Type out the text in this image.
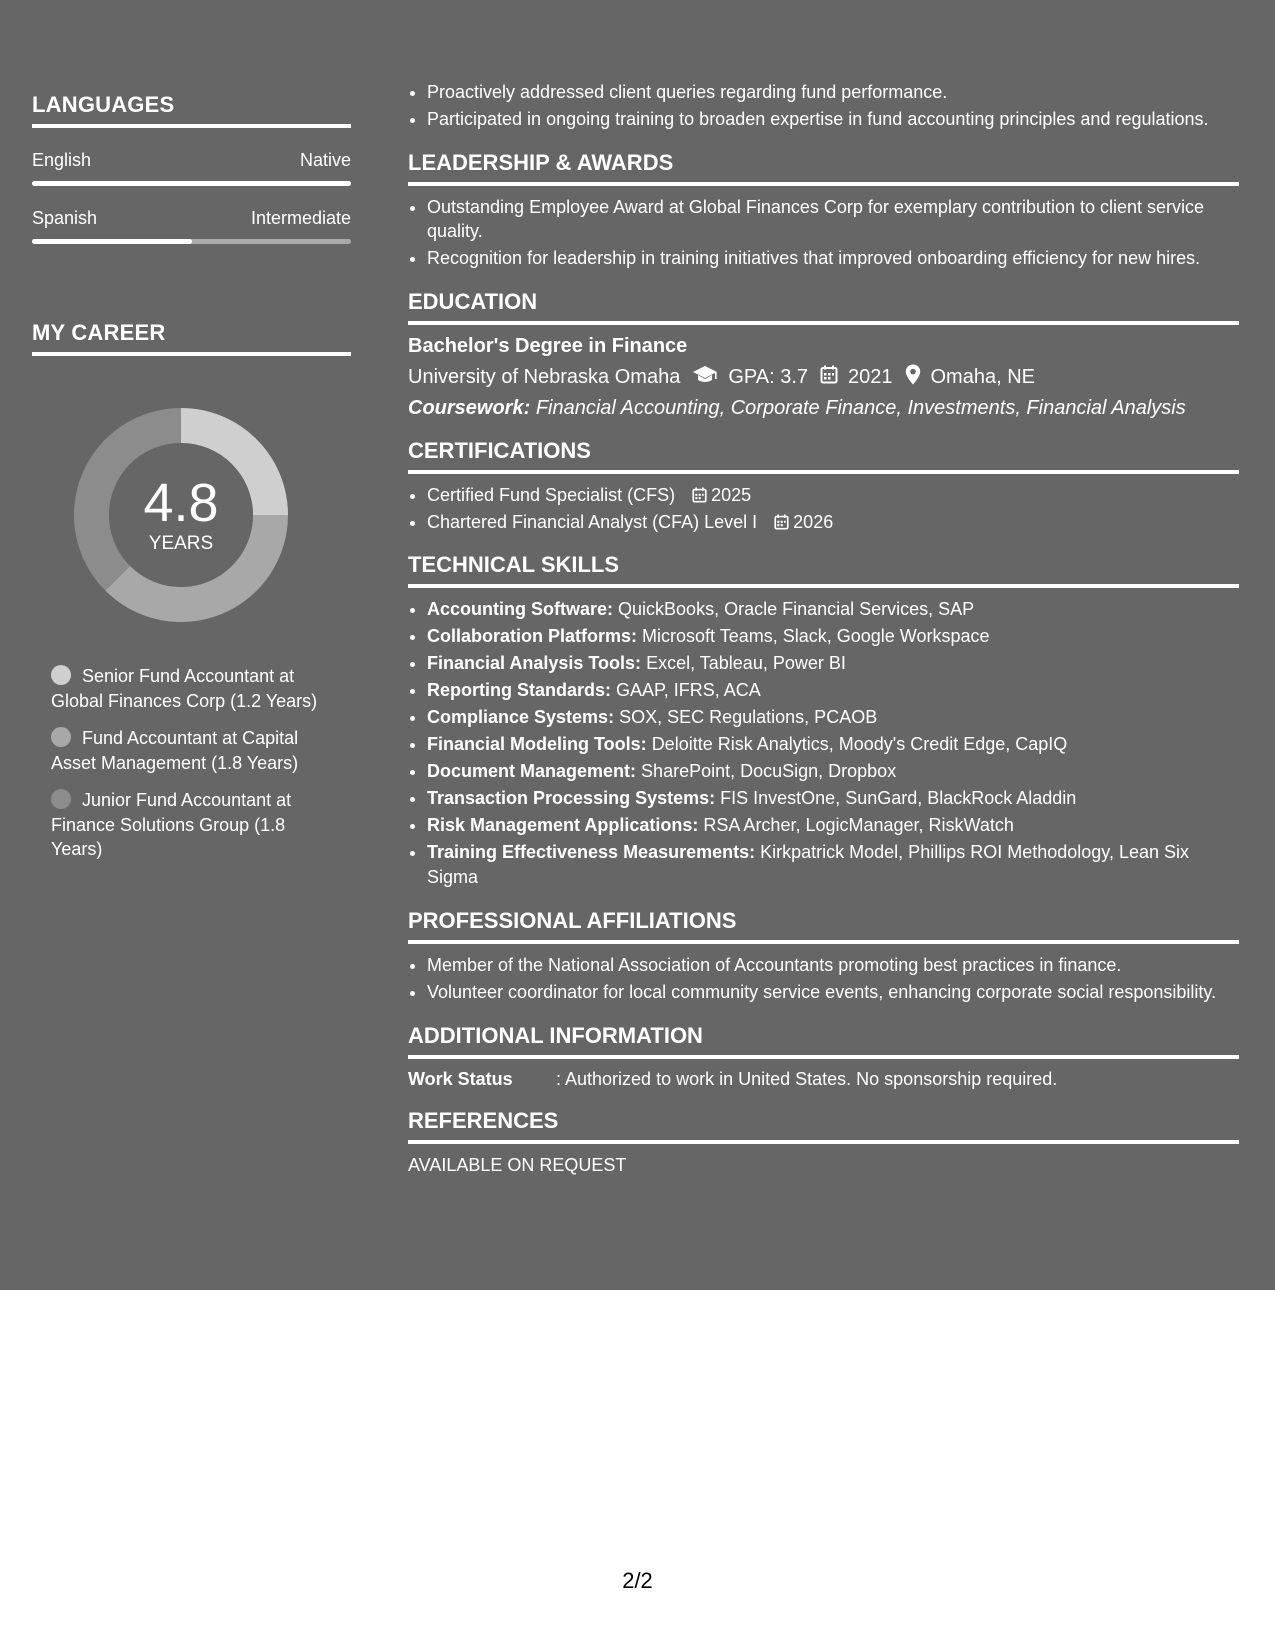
LANGUAGES
English	Native
Spanish	Intermediate
MY CAREER
4.8
YEARS
Senior Fund Accountant at Global Finances Corp (1.2 Years)
Fund Accountant at Capital Asset Management (1.8 Years)
Junior Fund Accountant at Finance Solutions Group (1.8 Years)
• Proactively addressed client queries regarding fund performance.
• Participated in ongoing training to broaden expertise in fund accounting principles and regulations.
LEADERSHIP & AWARDS
• Outstanding Employee Award at Global Finances Corp for exemplary contribution to client service quality.
• Recognition for leadership in training initiatives that improved onboarding efficiency for new hires.
EDUCATION
Bachelor's Degree in Finance
University of Nebraska Omaha GPA: 3.7 2021 Omaha, NE
Coursework: Financial Accounting, Corporate Finance, Investments, Financial Analysis
CERTIFICATIONS
• Certified Fund Specialist (CFS) 2025
• Chartered Financial Analyst (CFA) Level I 2026
TECHNICAL SKILLS
• Accounting Software: QuickBooks, Oracle Financial Services, SAP
• Collaboration Platforms: Microsoft Teams, Slack, Google Workspace
• Financial Analysis Tools: Excel, Tableau, Power BI
• Reporting Standards: GAAP, IFRS, ACA
• Compliance Systems: SOX, SEC Regulations, PCAOB
• Financial Modeling Tools: Deloitte Risk Analytics, Moody's Credit Edge, CapIQ
• Document Management: SharePoint, DocuSign, Dropbox
• Transaction Processing Systems: FIS InvestOne, SunGard, BlackRock Aladdin
• Risk Management Applications: RSA Archer, LogicManager, RiskWatch
• Training Effectiveness Measurements: Kirkpatrick Model, Phillips ROI Methodology, Lean Six Sigma
PROFESSIONAL AFFILIATIONS
• Member of the National Association of Accountants promoting best practices in finance.
• Volunteer coordinator for local community service events, enhancing corporate social responsibility.
ADDITIONAL INFORMATION
Work Status	: Authorized to work in United States. No sponsorship required.
REFERENCES
AVAILABLE ON REQUEST
2/2
